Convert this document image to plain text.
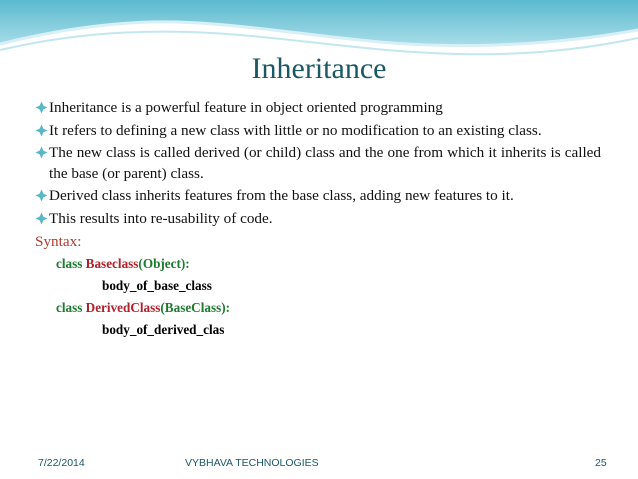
Inheritance
Inheritance is a powerful feature in object oriented programming
It refers to defining a new class with little or no modification to an existing class.
The new class is called derived (or child) class and the one from which it inherits is called the base (or parent) class.
Derived class inherits features from the base class, adding new features to it.
This results into re-usability of code.
Syntax:
class Baseclass(Object):
body_of_base_class
class DerivedClass(BaseClass):
body_of_derived_clas
7/22/2014	VYBHAVA TECHNOLOGIES	25
